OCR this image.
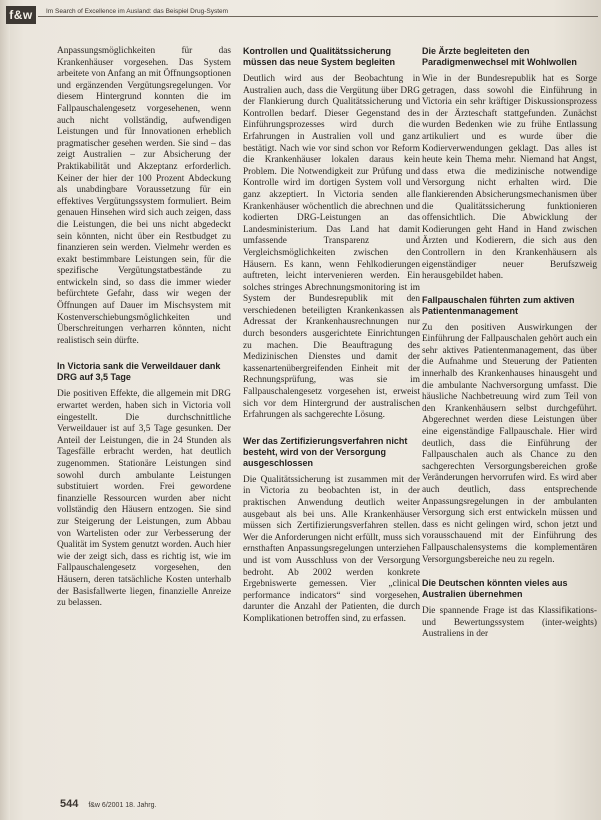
f&w	Im Search of Excellence im Ausland: das Beispiel Drug-System

Anpassungsmöglichkeiten für das Krankenhäuser vorgesehen. Das System arbeitete von Anfang an mit Öffnungsoptionen und ergänzenden Vergütungsregelungen. Vor diesem Hintergrund konnten die im Fallpauschalengesetz vorgesehenen, wenn auch nicht vollständig, aufwendigen Leistungen und für Innovationen erheblich pragmatischer gesehen werden. Sie sind – das zeigt Australien – zur Absicherung der Praktikabilität und Akzeptanz erforderlich. Keiner der hier der 100 Prozent Abdeckung als unabdingbare Voraussetzung für ein effektives Vergütungssystem formuliert. Beim genauen Hinsehen wird sich auch zeigen, dass die Leistungen, die bei uns nicht abgedeckt sein könnten, nicht über ein Restbudget zu finanzieren sein werden. Vielmehr werden es exakt bestimmbare Leistungen sein, für die spezifische Vergütungstatbestände zu entwickeln sind, so dass die immer wieder befürchtete Gefahr, dass wir wegen der Öffnungen auf Dauer im Mischsystem mit Kostenverschiebungsmöglichkeiten und Überschreitungen verharren könnten, nicht realistisch sein dürfte.

In Victoria sank die Verweildauer dank DRG auf 3,5 Tage

Die positiven Effekte, die allgemein mit DRG erwartet werden, haben sich in Victoria voll eingestellt. Die durchschnittliche Verweildauer ist auf 3,5 Tage gesunken. Der Anteil der Leistungen, die in 24 Stunden als Tagesfälle erbracht werden, hat deutlich zugenommen. Stationäre Leistungen sind sowohl durch ambulante Leistungen substituiert worden. Frei gewordene finanzielle Ressourcen wurden aber nicht vollständig den Häusern entzogen. Sie sind zur Steigerung der Leistungen, zum Abbau von Wartelisten oder zur Verbesserung der Qualität im System genutzt worden. Auch hier wie der zeigt sich, dass es richtig ist, wie im Fallpauschalengesetz vorgesehen, den Häusern, deren tatsächliche Kosten unterhalb der Basisfallwerte liegen, finanzielle Anreize zu belassen.

Kontrollen und Qualitätssicherung müssen das neue System begleiten

Deutlich wird aus der Beobachtung in Australien auch, dass die Vergütung über DRG der Flankierung durch Qualitätssicherung und Kontrollen bedarf. Dieser Gegenstand des Einführungsprozesses wird durch die Erfahrungen in Australien voll und ganz bestätigt. Nach wie vor sind schon vor Reform die Krankenhäuser lokalen daraus kein Problem. Die Notwendigkeit zur Prüfung und Kontrolle wird im dortigen System voll und ganz akzeptiert. In Victoria senden alle Krankenhäuser wöchentlich die abrechnen und kodierten DRG-Leistungen an das Landesministerium. Das Land hat damit umfassende Transparenz und Vergleichsmöglichkeiten zwischen den Häusern. Es kann, wenn Fehlkodierungen auftreten, leicht intervenieren werden. Ein solches stringes Abrechnungsmonitoring ist im System der Bundesrepublik mit den verschiedenen beteiligten Krankenkassen als Adressat der Krankenhausrechnungen nur durch besonders ausgerichtete Einrichtungen zu machen. Die Beauftragung des Medizinischen Dienstes und damit der kassenartenübergreifenden Einheit mit der Rechnungsprüfung, was sie im Fallpauschalengesetz vorgesehen ist, erweist sich vor dem Hintergrund der australischen Erfahrungen als sachgerechte Lösung.

Wer das Zertifizierungsverfahren nicht besteht, wird von der Versorgung ausgeschlossen

Die Qualitätssicherung ist zusammen mit der in Victoria zu beobachten ist, in der praktischen Anwendung deutlich weiter ausgebaut als bei uns. Alle Krankenhäuser müssen sich Zertifizierungsverfahren stellen. Wer die Anforderungen nicht erfüllt, muss sich ernsthaften Anpassungsregelungen unterziehen und ist vom Ausschluss von der Versorgung bedroht. Ab 2002 werden konkrete Ergebniswerte gemessen. Vier „clinical performance indicators“ sind vorgesehen, darunter die Anzahl der Patienten, die durch Komplikationen betroffen sind, zu erfassen.

Die Ärzte begleiteten den Paradigmenwechsel mit Wohlwollen

Wie in der Bundesrepublik hat es Sorge getragen, dass sowohl die Einführung in Victoria ein sehr kräftiger Diskussionsprozess in der Ärzteschaft stattgefunden. Zunächst wurden Bedenken wie zu frühe Entlassung artikuliert und es wurde über die Kodierverwendungen geklagt. Das alles ist heute kein Thema mehr. Niemand hat Angst, dass etwa die medizinische notwendige Versorgung nicht erhalten wird. Die flankierenden Absicherungsmechanismen über die Qualitätssicherung funktionieren offensichtlich. Die Abwicklung der Kodierungen geht Hand in Hand zwischen Ärzten und Kodierern, die sich aus den Controllern in den Krankenhäusern als eigenständiger neuer Berufszweig herausgebildet haben.

Fallpauschalen führten zum aktiven Patientenmanagement

Zu den positiven Auswirkungen der Einführung der Fallpauschalen gehört auch ein sehr aktives Patientenmanagement, das über die Aufnahme und Steuerung der Patienten innerhalb des Krankenhauses hinausgeht und die ambulante Nachversorgung umfasst. Die häusliche Nachbetreuung wird zum Teil von den Krankenhäusern selbst durchgeführt. Abgerechnet werden diese Leistungen über eine eigenständige Fallpauschale. Hier wird deutlich, dass die Einführung der Fallpauschalen auch als Chance zu den sachgerechten Versorgungsbereichen große Veränderungen hervorrufen wird. Es wird aber auch deutlich, dass entsprechende Anpassungsregelungen in der ambulanten Versorgung sich erst entwickeln müssen und dass es nicht gelingen wird, schon jetzt und vorausschauend mit der Einführung des Fallpauschalensystems die komplementären Versorgungsbereiche neu zu regeln.

Die Deutschen könnten vieles aus Australien übernehmen

Die spannende Frage ist das Klassifikations- und Bewertungssystem (inter-weights) Australiens in der

544 f&w 6/2001 18. Jahrg.
